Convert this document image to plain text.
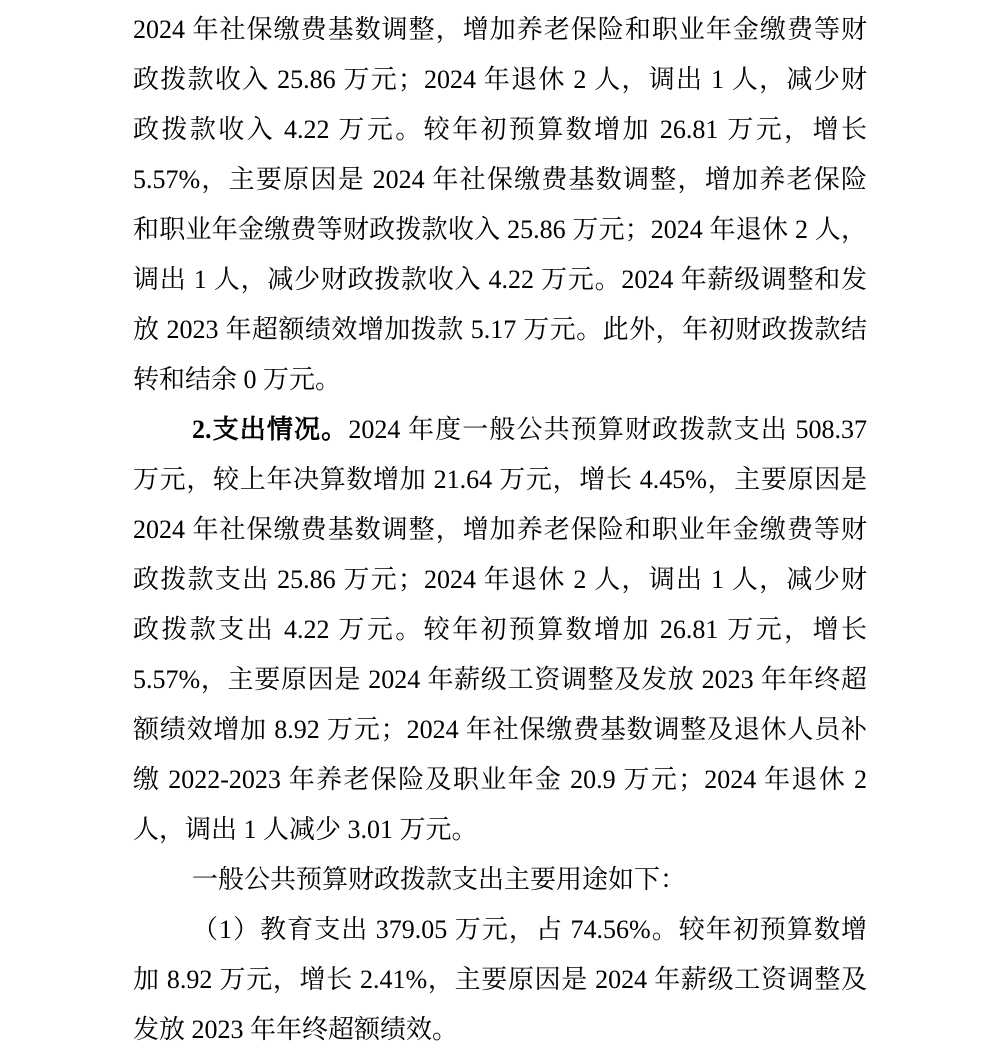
2024 年社保缴费基数调整，增加养老保险和职业年金缴费等财
政拨款收入 25.86 万元；2024 年退休 2 人，调出 1 人，减少财
政拨款收入 4.22 万元。较年初预算数增加 26.81 万元，增长
5.57%，主要原因是 2024 年社保缴费基数调整，增加养老保险
和职业年金缴费等财政拨款收入 25.86 万元；2024 年退休 2 人，
调出 1 人，减少财政拨款收入 4.22 万元。2024 年薪级调整和发
放 2023 年超额绩效增加拨款 5.17 万元。此外，年初财政拨款结
转和结余 0 万元。
2.支出情况。2024 年度一般公共预算财政拨款支出 508.37
万元，较上年决算数增加 21.64 万元，增长 4.45%，主要原因是
2024 年社保缴费基数调整，增加养老保险和职业年金缴费等财
政拨款支出 25.86 万元；2024 年退休 2 人，调出 1 人，减少财
政拨款支出 4.22 万元。较年初预算数增加 26.81 万元，增长
5.57%，主要原因是 2024 年薪级工资调整及发放 2023 年年终超
额绩效增加 8.92 万元；2024 年社保缴费基数调整及退休人员补
缴 2022-2023 年养老保险及职业年金 20.9 万元；2024 年退休 2
人，调出 1 人减少 3.01 万元。
一般公共预算财政拨款支出主要用途如下：
（1）教育支出 379.05 万元，占 74.56%。较年初预算数增
加 8.92 万元，增长 2.41%，主要原因是 2024 年薪级工资调整及
发放 2023 年年终超额绩效。
